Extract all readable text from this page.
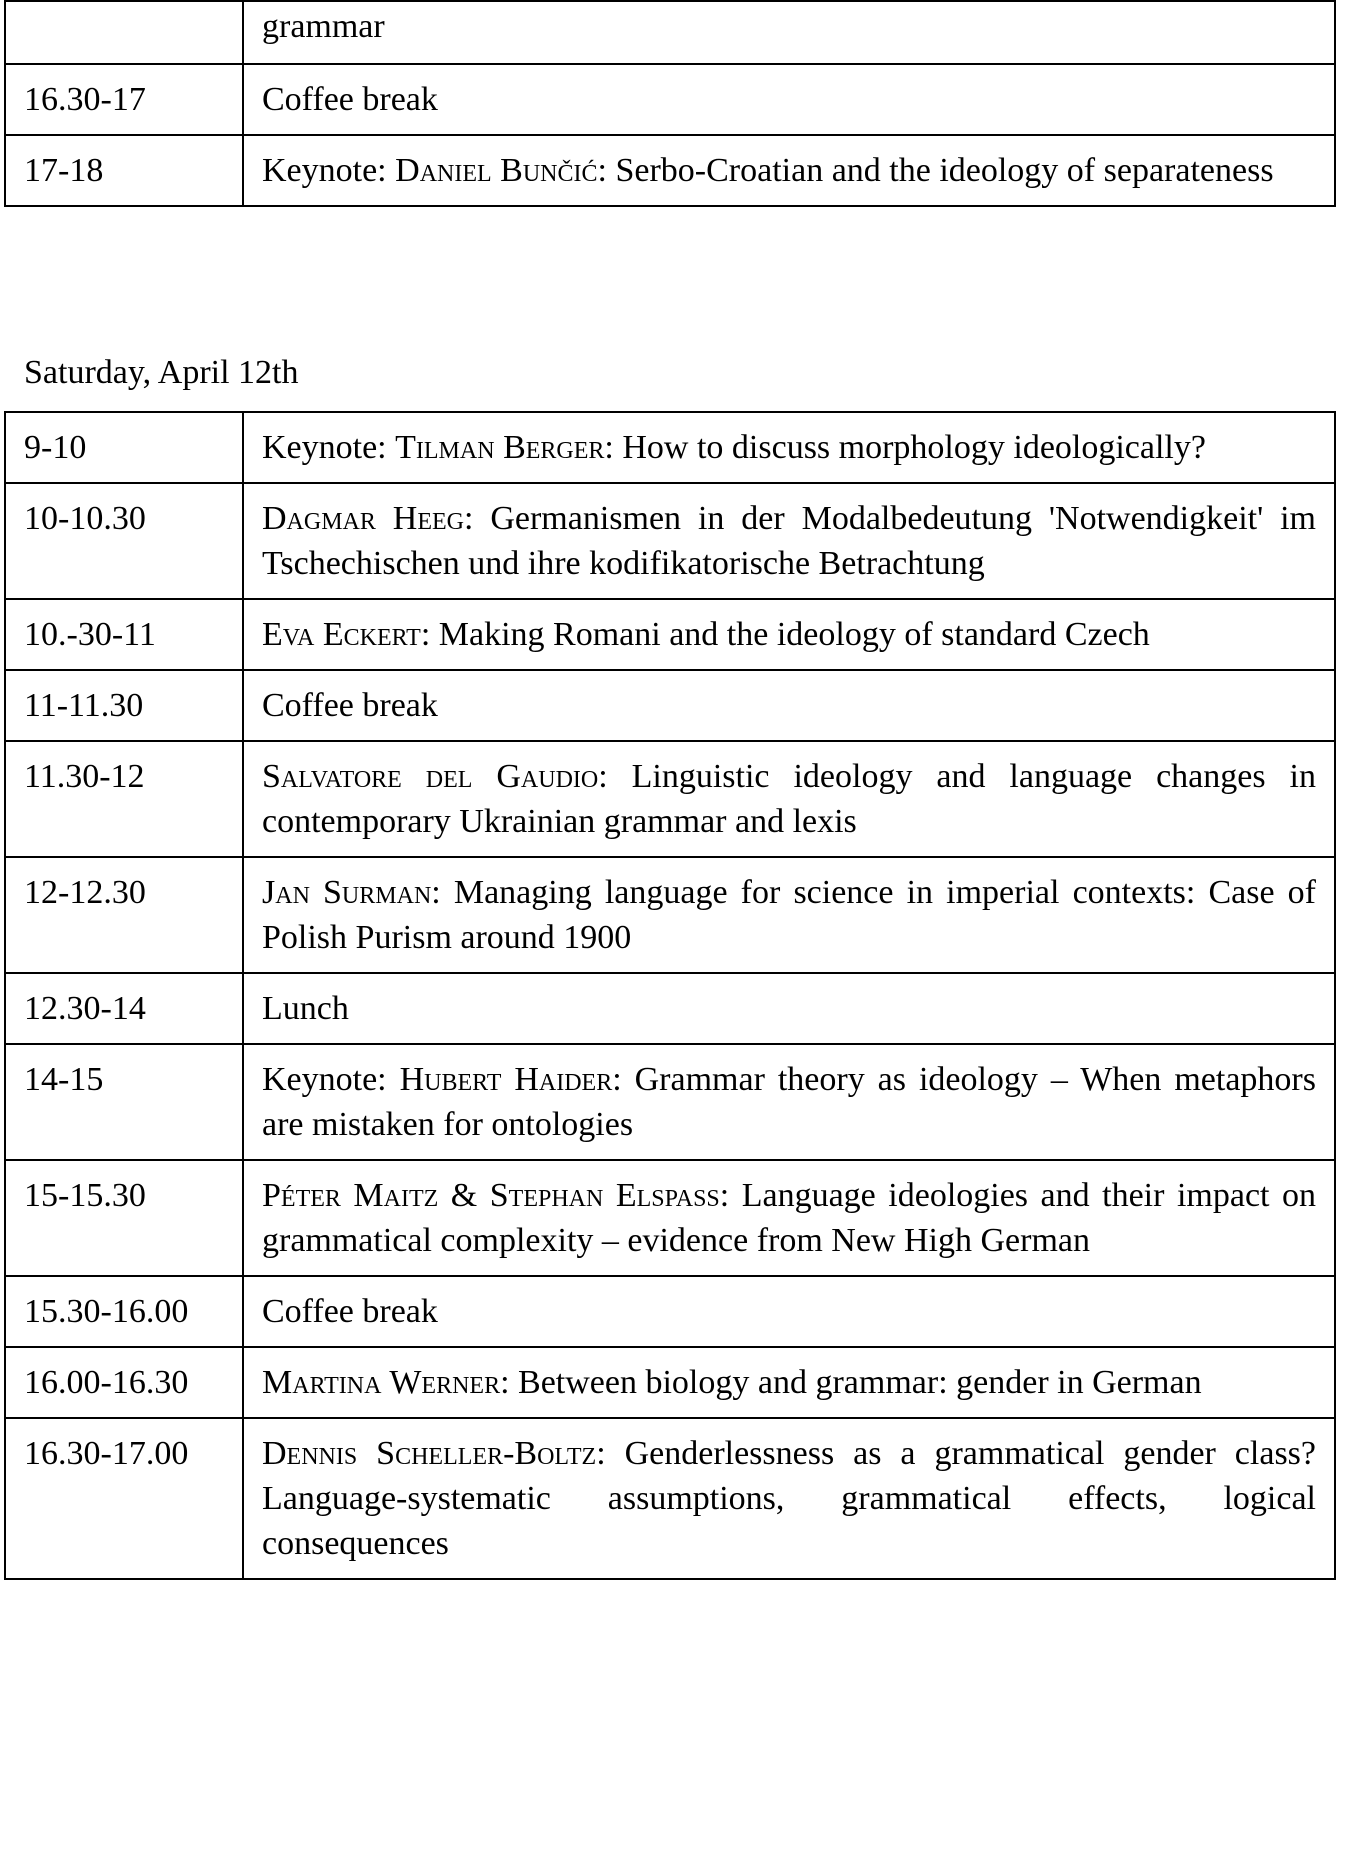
	grammar
16.30-17	Coffee break
17-18	Keynote: Daniel Bunčić: Serbo-Croatian and the ideology of separateness
Saturday, April 12th
9-10	Keynote: Tilman Berger: How to discuss morphology ideologically?
10-10.30	Dagmar Heeg: Germanismen in der Modalbedeutung 'Notwendigkeit' im Tschechischen und ihre kodifikatorische Betrachtung
10.-30-11	Eva Eckert: Making Romani and the ideology of standard Czech
11-11.30	Coffee break
11.30-12	Salvatore del Gaudio: Linguistic ideology and language changes in contemporary Ukrainian grammar and lexis
12-12.30	Jan Surman: Managing language for science in imperial contexts: Case of Polish Purism around 1900
12.30-14	Lunch
14-15	Keynote: Hubert Haider: Grammar theory as ideology – When metaphors are mistaken for ontologies
15-15.30	Péter Maitz & Stephan Elspaß: Language ideologies and their impact on grammatical complexity – evidence from New High German
15.30-16.00	Coffee break
16.00-16.30	Martina Werner: Between biology and grammar: gender in German
16.30-17.00	Dennis Scheller-Boltz: Genderlessness as a grammatical gender class? Language-systematic assumptions, grammatical effects, logical consequences
